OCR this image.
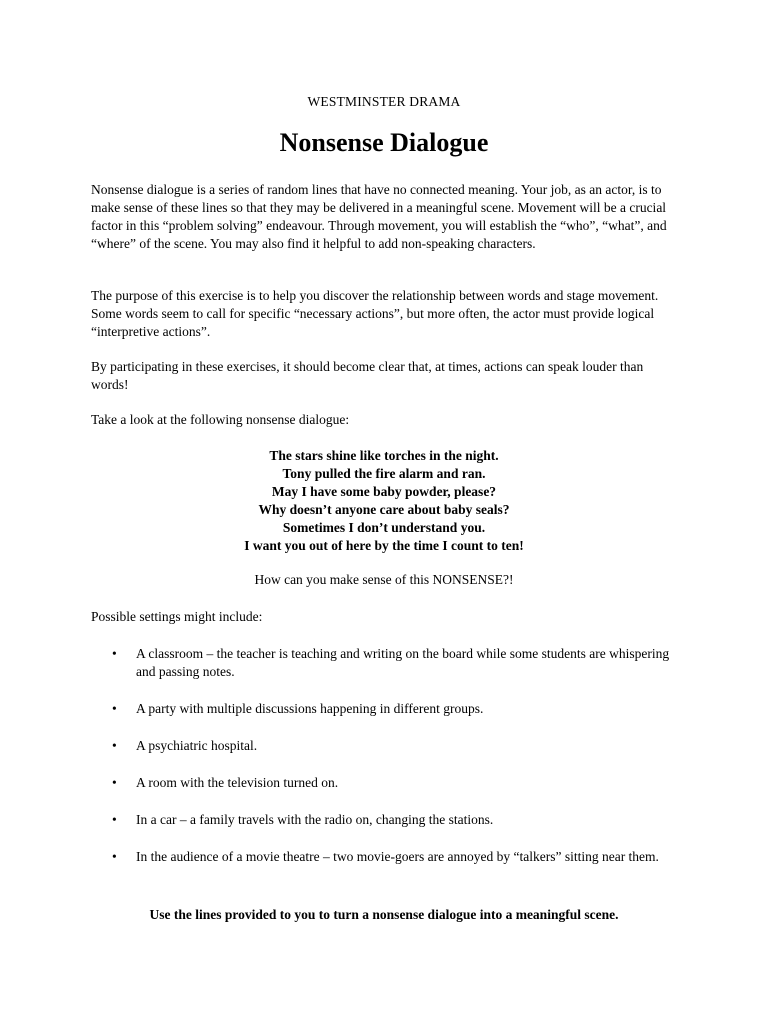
WESTMINSTER DRAMA
Nonsense Dialogue
Nonsense dialogue is a series of random lines that have no connected meaning. Your job, as an actor, is to make sense of these lines so that they may be delivered in a meaningful scene. Movement will be a crucial factor in this “problem solving” endeavour. Through movement, you will establish the “who”, “what”, and “where” of the scene. You may also find it helpful to add non-speaking characters.
The purpose of this exercise is to help you discover the relationship between words and stage movement. Some words seem to call for specific “necessary actions”, but more often, the actor must provide logical “interpretive actions”.
By participating in these exercises, it should become clear that, at times, actions can speak louder than words!
Take a look at the following nonsense dialogue:
The stars shine like torches in the night.
Tony pulled the fire alarm and ran.
May I have some baby powder, please?
Why doesn’t anyone care about baby seals?
Sometimes I don’t understand you.
I want you out of here by the time I count to ten!
How can you make sense of this NONSENSE?!
Possible settings might include:
• A classroom – the teacher is teaching and writing on the board while some students are whispering and passing notes.
• A party with multiple discussions happening in different groups.
• A psychiatric hospital.
• A room with the television turned on.
• In a car – a family travels with the radio on, changing the stations.
• In the audience of a movie theatre – two movie-goers are annoyed by “talkers” sitting near them.
Use the lines provided to you to turn a nonsense dialogue into a meaningful scene.
